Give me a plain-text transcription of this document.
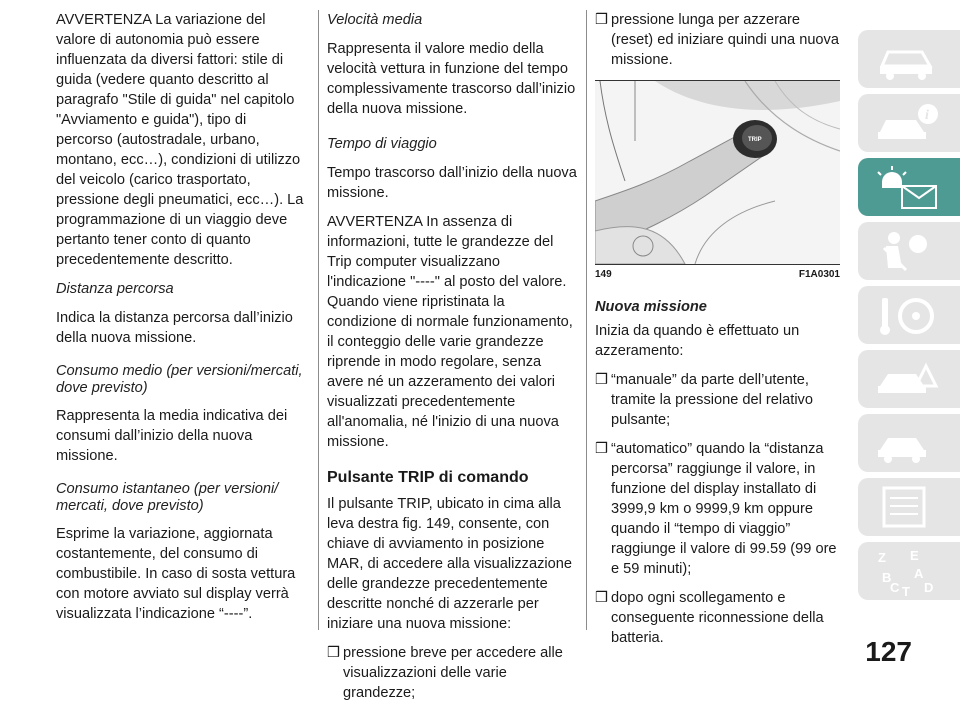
AVVERTENZA La variazione del valore di autonomia può essere influenzata da diversi fattori: stile di guida (vedere quanto descritto al paragrafo "Stile di guida" nel capitolo "Avviamento e guida"), tipo di percorso (autostradale, urbano, montano, ecc…), condizioni di utilizzo del veicolo (carico trasportato, pressione degli pneumatici, ecc…). La programmazione di un viaggio deve pertanto tener conto di quanto precedentemente descritto.

Distanza percorsa

Indica la distanza percorsa dall’inizio della nuova missione.

Consumo medio (per versioni/mercati, dove previsto)

Rappresenta la media indicativa dei consumi dall’inizio della nuova missione.

Consumo istantaneo (per versioni/ mercati, dove previsto)

Esprime la variazione, aggiornata costantemente, del consumo di combustibile. In caso di sosta vettura con motore avviato sul display verrà visualizzata l’indicazione “----”.

Velocità media

Rappresenta il valore medio della velocità vettura in funzione del tempo complessivamente trascorso dall’inizio della nuova missione.

Tempo di viaggio

Tempo trascorso dall’inizio della nuova missione.

AVVERTENZA In assenza di informazioni, tutte le grandezze del Trip computer visualizzano l'indicazione "----" al posto del valore. Quando viene ripristinata la condizione di normale funzionamento, il conteggio delle varie grandezze riprende in modo regolare, senza avere né un azzeramento dei valori visualizzati precedentemente all'anomalia, né l'inizio di una nuova missione.

Pulsante TRIP di comando

Il pulsante TRIP, ubicato in cima alla leva destra fig. 149, consente, con chiave di avviamento in posizione MAR, di accedere alla visualizzazione delle grandezze precedentemente descritte nonché di azzerarle per iniziare una nuova missione:

❒ pressione breve per accedere alle visualizzazioni delle varie grandezze;

❒ pressione lunga per azzerare (reset) ed iniziare quindi una nuova missione.

TRIP
149	F1A0301

Nuova missione

Inizia da quando è effettuato un azzeramento:

❒ “manuale” da parte dell’utente, tramite la pressione del relativo pulsante;

❒ “automatico” quando la “distanza percorsa” raggiunge il valore, in funzione del display installato di 3999,9 km o 9999,9 km oppure quando il “tempo di viaggio” raggiunge il valore di 99.59 (99 ore e 59 minuti);

❒ dopo ogni scollegamento e conseguente riconnessione della batteria.

i
Z E
A
B
C T D
127
